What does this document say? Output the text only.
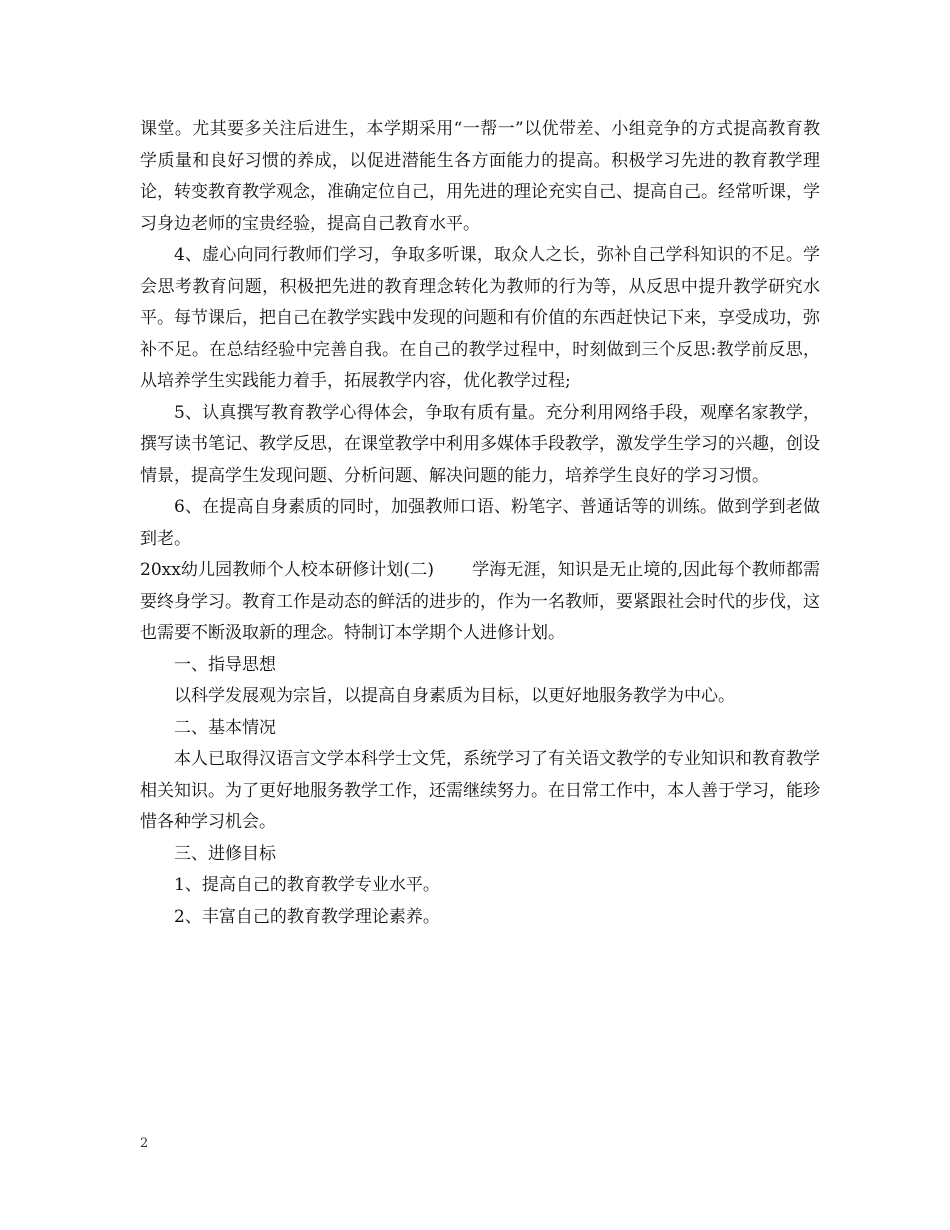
课堂。尤其要多关注后进生，本学期采用“一帮一”以优带差、小组竞争的方式提高教育教学质量和良好习惯的养成，以促进潜能生各方面能力的提高。积极学习先进的教育教学理论，转变教育教学观念，准确定位自己，用先进的理论充实自己、提高自己。经常听课，学习身边老师的宝贵经验，提高自己教育水平。

4、虚心向同行教师们学习，争取多听课，取众人之长，弥补自己学科知识的不足。学会思考教育问题，积极把先进的教育理念转化为教师的行为等，从反思中提升教学研究水平。每节课后，把自己在教学实践中发现的问题和有价值的东西赶快记下来，享受成功，弥补不足。在总结经验中完善自我。在自己的教学过程中，时刻做到三个反思:教学前反思，从培养学生实践能力着手，拓展教学内容，优化教学过程;

5、认真撰写教育教学心得体会，争取有质有量。充分利用网络手段，观摩名家教学，撰写读书笔记、教学反思，在课堂教学中利用多媒体手段教学，激发学生学习的兴趣，创设情景，提高学生发现问题、分析问题、解决问题的能力，培养学生良好的学习习惯。

6、在提高自身素质的同时，加强教师口语、粉笔字、普通话等的训练。做到学到老做到老。

20xx幼儿园教师个人校本研修计划(二) 学海无涯，知识是无止境的,因此每个教师都需要终身学习。教育工作是动态的鲜活的进步的，作为一名教师，要紧跟社会时代的步伐，这也需要不断汲取新的理念。特制订本学期个人进修计划。

一、指导思想

以科学发展观为宗旨，以提高自身素质为目标，以更好地服务教学为中心。

二、基本情况

本人已取得汉语言文学本科学士文凭，系统学习了有关语文教学的专业知识和教育教学相关知识。为了更好地服务教学工作，还需继续努力。在日常工作中，本人善于学习，能珍惜各种学习机会。

三、进修目标

1、提高自己的教育教学专业水平。

2、丰富自己的教育教学理论素养。

2
